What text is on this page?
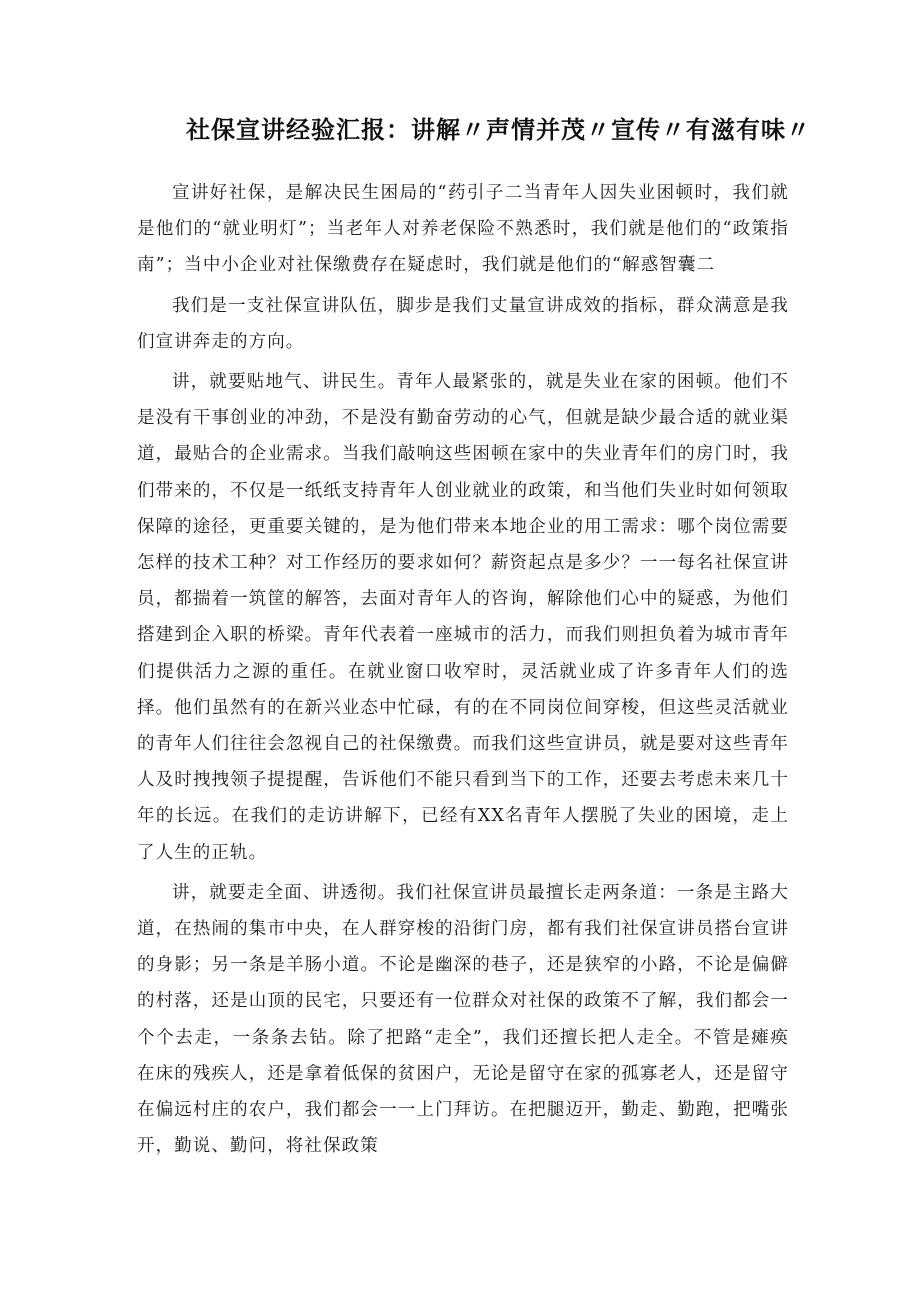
社保宣讲经验汇报：讲解〃声情并茂〃宣传〃有滋有味〃

宣讲好社保，是解决民生困局的“药引子二当青年人因失业困顿时，我们就是他们的“就业明灯”；当老年人对养老保险不熟悉时，我们就是他们的“政策指南”；当中小企业对社保缴费存在疑虑时，我们就是他们的“解惑智囊二

我们是一支社保宣讲队伍，脚步是我们丈量宣讲成效的指标，群众满意是我们宣讲奔走的方向。

讲，就要贴地气、讲民生。青年人最紧张的，就是失业在家的困顿。他们不是没有干事创业的冲劲，不是没有勤奋劳动的心气，但就是缺少最合适的就业渠道，最贴合的企业需求。当我们敲响这些困顿在家中的失业青年们的房门时，我们带来的，不仅是一纸纸支持青年人创业就业的政策，和当他们失业时如何领取保障的途径，更重要关键的，是为他们带来本地企业的用工需求：哪个岗位需要怎样的技术工种？对工作经历的要求如何？薪资起点是多少？一一每名社保宣讲员，都揣着一筑筐的解答，去面对青年人的咨询，解除他们心中的疑惑，为他们搭建到企入职的桥梁。青年代表着一座城市的活力，而我们则担负着为城市青年们提供活力之源的重任。在就业窗口收窄时，灵活就业成了许多青年人们的选择。他们虽然有的在新兴业态中忙碌，有的在不同岗位间穿梭，但这些灵活就业的青年人们往往会忽视自己的社保缴费。而我们这些宣讲员，就是要对这些青年人及时拽拽领子提提醒，告诉他们不能只看到当下的工作，还要去考虑未来几十年的长远。在我们的走访讲解下，已经有XX名青年人摆脱了失业的困境，走上了人生的正轨。

讲，就要走全面、讲透彻。我们社保宣讲员最擅长走两条道：一条是主路大道，在热闹的集市中央，在人群穿梭的沿街门房，都有我们社保宣讲员搭台宣讲的身影；另一条是羊肠小道。不论是幽深的巷子，还是狭窄的小路，不论是偏僻的村落，还是山顶的民宅，只要还有一位群众对社保的政策不了解，我们都会一个个去走，一条条去钻。除了把路“走全”，我们还擅长把人走全。不管是瘫痪在床的残疾人，还是拿着低保的贫困户，无论是留守在家的孤寡老人，还是留守在偏远村庄的农户，我们都会一一上门拜访。在把腿迈开，勤走、勤跑，把嘴张开，勤说、勤问，将社保政策
